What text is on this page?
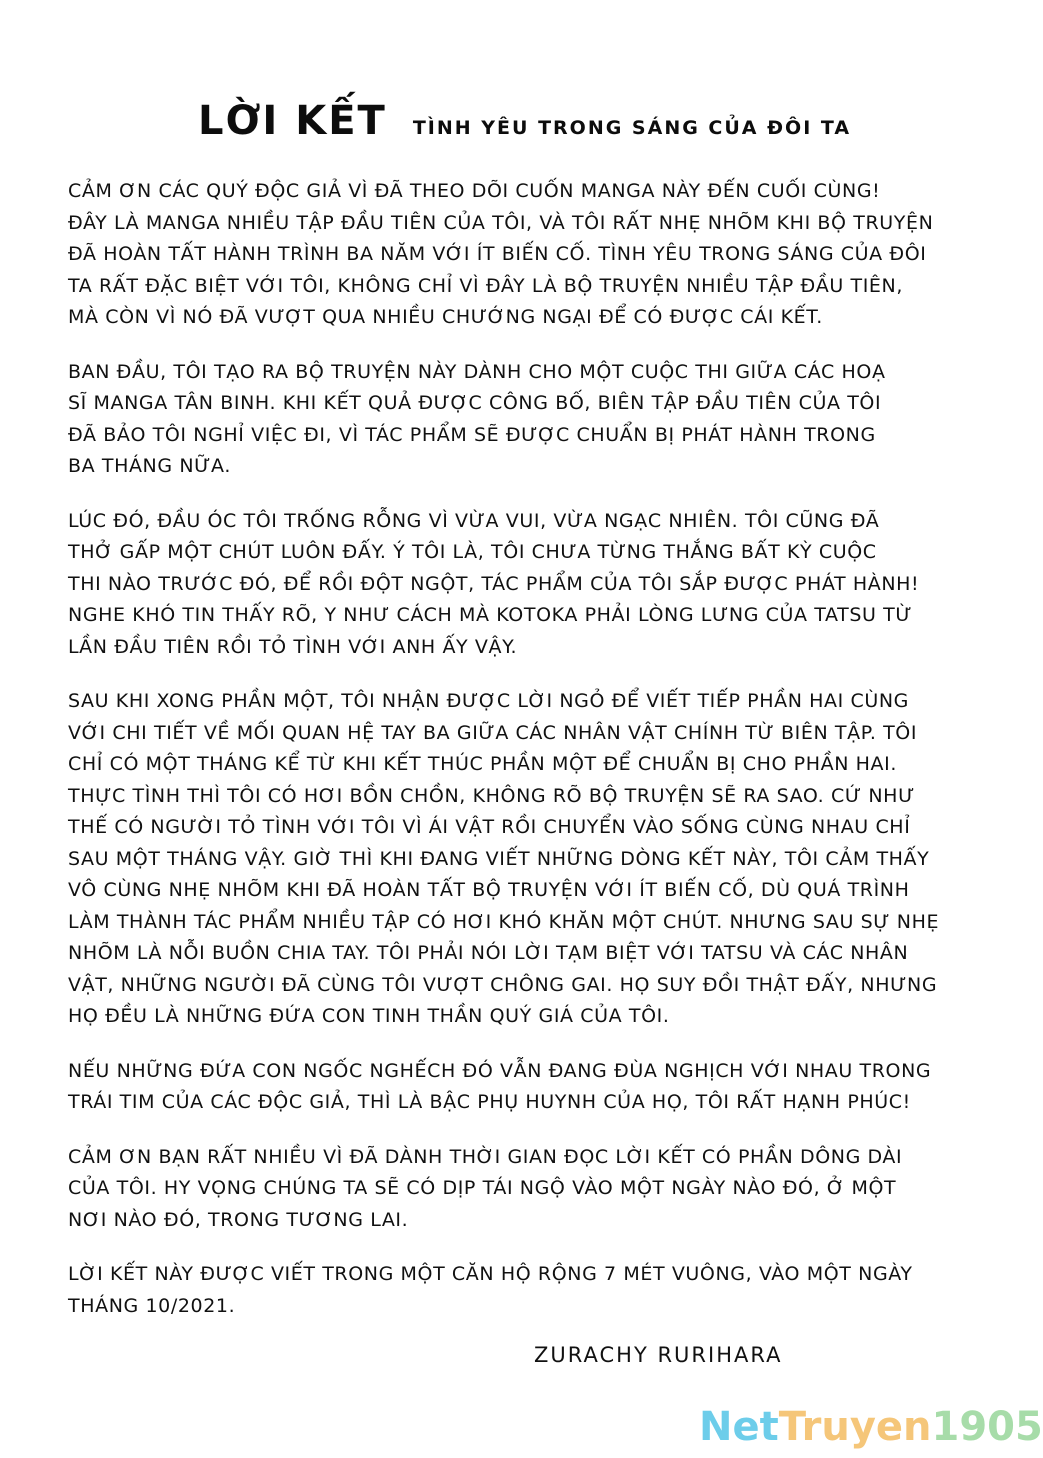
LỜI KẾT TÌNH YÊU TRONG SÁNG CỦA ĐÔI TA

CẢM ƠN CÁC QUÝ ĐỘC GIẢ VÌ ĐÃ THEO DÕI CUỐN MANGA NÀY ĐẾN CUỐI CÙNG!
ĐÂY LÀ MANGA NHIỀU TẬP ĐẦU TIÊN CỦA TÔI, VÀ TÔI RẤT NHẸ NHÕM KHI BỘ TRUYỆN
ĐÃ HOÀN TẤT HÀNH TRÌNH BA NĂM VỚI ÍT BIẾN CỐ. TÌNH YÊU TRONG SÁNG CỦA ĐÔI
TA RẤT ĐẶC BIỆT VỚI TÔI, KHÔNG CHỈ VÌ ĐÂY LÀ BỘ TRUYỆN NHIỀU TẬP ĐẦU TIÊN,
MÀ CÒN VÌ NÓ ĐÃ VƯỢT QUA NHIỀU CHƯỚNG NGẠI ĐỂ CÓ ĐƯỢC CÁI KẾT.

BAN ĐẦU, TÔI TẠO RA BỘ TRUYỆN NÀY DÀNH CHO MỘT CUỘC THI GIỮA CÁC HOẠ
SĨ MANGA TÂN BINH. KHI KẾT QUẢ ĐƯỢC CÔNG BỐ, BIÊN TẬP ĐẦU TIÊN CỦA TÔI
ĐÃ BẢO TÔI NGHỈ VIỆC ĐI, VÌ TÁC PHẨM SẼ ĐƯỢC CHUẨN BỊ PHÁT HÀNH TRONG
BA THÁNG NỮA.

LÚC ĐÓ, ĐẦU ÓC TÔI TRỐNG RỖNG VÌ VỪA VUI, VỪA NGẠC NHIÊN. TÔI CŨNG ĐÃ
THỞ GẤP MỘT CHÚT LUÔN ĐẤY. Ý TÔI LÀ, TÔI CHƯA TỪNG THẮNG BẤT KỲ CUỘC
THI NÀO TRƯỚC ĐÓ, ĐỂ RỒI ĐỘT NGỘT, TÁC PHẨM CỦA TÔI SẮP ĐƯỢC PHÁT HÀNH!
NGHE KHÓ TIN THẤY RÕ, Y NHƯ CÁCH MÀ KOTOKA PHẢI LÒNG LƯNG CỦA TATSU TỪ
LẦN ĐẦU TIÊN RỒI TỎ TÌNH VỚI ANH ẤY VẬY.

SAU KHI XONG PHẦN MỘT, TÔI NHẬN ĐƯỢC LỜI NGỎ ĐỂ VIẾT TIẾP PHẦN HAI CÙNG
VỚI CHI TIẾT VỀ MỐI QUAN HỆ TAY BA GIỮA CÁC NHÂN VẬT CHÍNH TỪ BIÊN TẬP. TÔI
CHỈ CÓ MỘT THÁNG KỂ TỪ KHI KẾT THÚC PHẦN MỘT ĐỂ CHUẨN BỊ CHO PHẦN HAI.
THỰC TÌNH THÌ TÔI CÓ HƠI BỒN CHỒN, KHÔNG RÕ BỘ TRUYỆN SẼ RA SAO. CỨ NHƯ
THẾ CÓ NGƯỜI TỎ TÌNH VỚI TÔI VÌ ÁI VẬT RỒI CHUYỂN VÀO SỐNG CÙNG NHAU CHỈ
SAU MỘT THÁNG VẬY. GIỜ THÌ KHI ĐANG VIẾT NHỮNG DÒNG KẾT NÀY, TÔI CẢM THẤY
VÔ CÙNG NHẸ NHÕM KHI ĐÃ HOÀN TẤT BỘ TRUYỆN VỚI ÍT BIẾN CỐ, DÙ QUÁ TRÌNH
LÀM THÀNH TÁC PHẨM NHIỀU TẬP CÓ HƠI KHÓ KHĂN MỘT CHÚT. NHƯNG SAU SỰ NHẸ
NHÕM LÀ NỖI BUỒN CHIA TAY. TÔI PHẢI NÓI LỜI TẠM BIỆT VỚI TATSU VÀ CÁC NHÂN
VẬT, NHỮNG NGƯỜI ĐÃ CÙNG TÔI VƯỢT CHÔNG GAI. HỌ SUY ĐỒI THẬT ĐẤY, NHƯNG
HỌ ĐỀU LÀ NHỮNG ĐỨA CON TINH THẦN QUÝ GIÁ CỦA TÔI.

NẾU NHỮNG ĐỨA CON NGỐC NGHẾCH ĐÓ VẪN ĐANG ĐÙA NGHỊCH VỚI NHAU TRONG
TRÁI TIM CỦA CÁC ĐỘC GIẢ, THÌ LÀ BẬC PHỤ HUYNH CỦA HỌ, TÔI RẤT HẠNH PHÚC!

CẢM ƠN BẠN RẤT NHIỀU VÌ ĐÃ DÀNH THỜI GIAN ĐỌC LỜI KẾT CÓ PHẦN DÔNG DÀI
CỦA TÔI. HY VỌNG CHÚNG TA SẼ CÓ DỊP TÁI NGỘ VÀO MỘT NGÀY NÀO ĐÓ, Ở MỘT
NƠI NÀO ĐÓ, TRONG TƯƠNG LAI.

LỜI KẾT NÀY ĐƯỢC VIẾT TRONG MỘT CĂN HỘ RỘNG 7 MÉT VUÔNG, VÀO MỘT NGÀY
THÁNG 10/2021.

ZURACHY RURIHARA
NetTruyen1905
